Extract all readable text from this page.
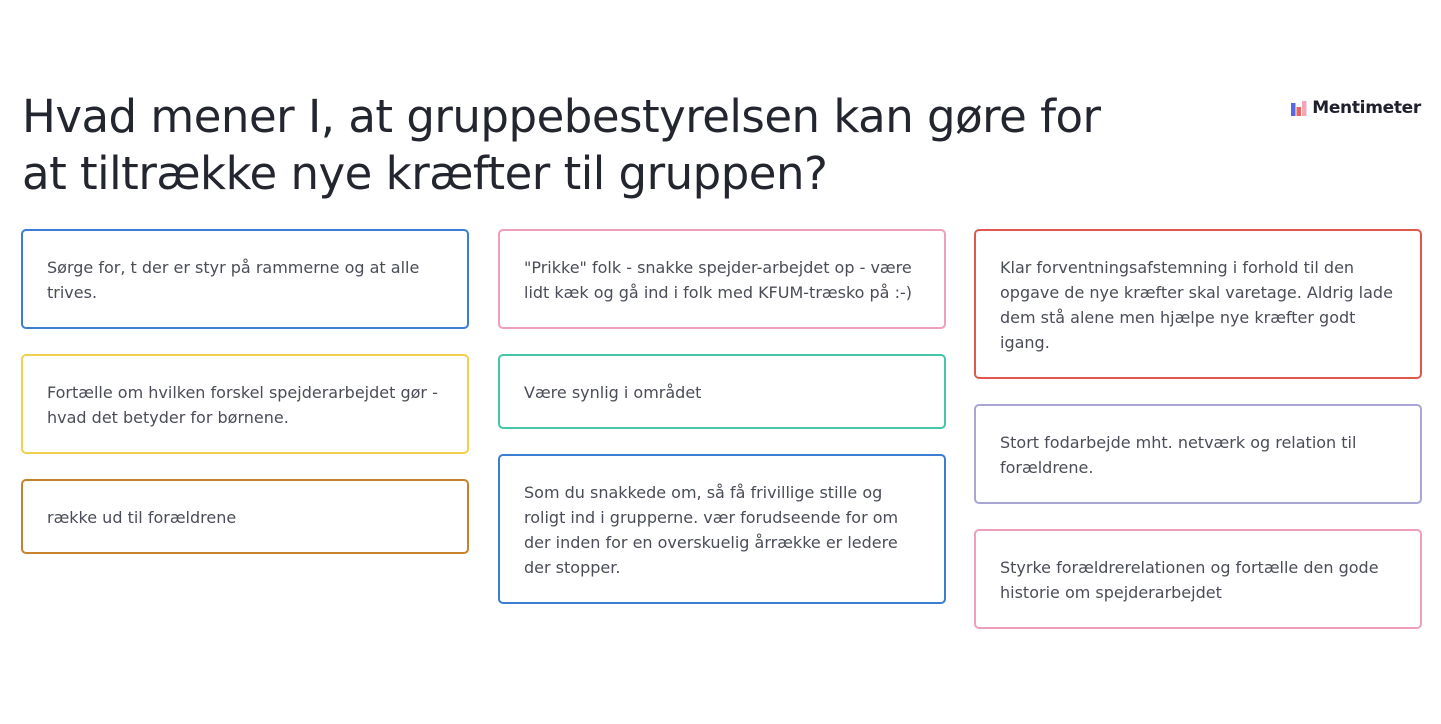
Hvad mener I, at gruppebestyrelsen kan gøre for at tiltrække nye kræfter til gruppen?
Mentimeter
Sørge for, t der er styr på rammerne og at alle trives.
Fortælle om hvilken forskel spejderarbejdet gør - hvad det betyder for børnene.
række ud til forældrene
"Prikke" folk - snakke spejder-arbejdet op - være lidt kæk og gå ind i folk med KFUM-træsko på :-)
Være synlig i området
Som du snakkede om, så få frivillige stille og roligt ind i grupperne. vær forudseende for om der inden for en overskuelig årrække er ledere der stopper.
Klar forventningsafstemning i forhold til den opgave de nye kræfter skal varetage. Aldrig lade dem stå alene men hjælpe nye kræfter godt igang.
Stort fodarbejde mht. netværk og relation til forældrene.
Styrke forældrerelationen og fortælle den gode historie om spejderarbejdet
